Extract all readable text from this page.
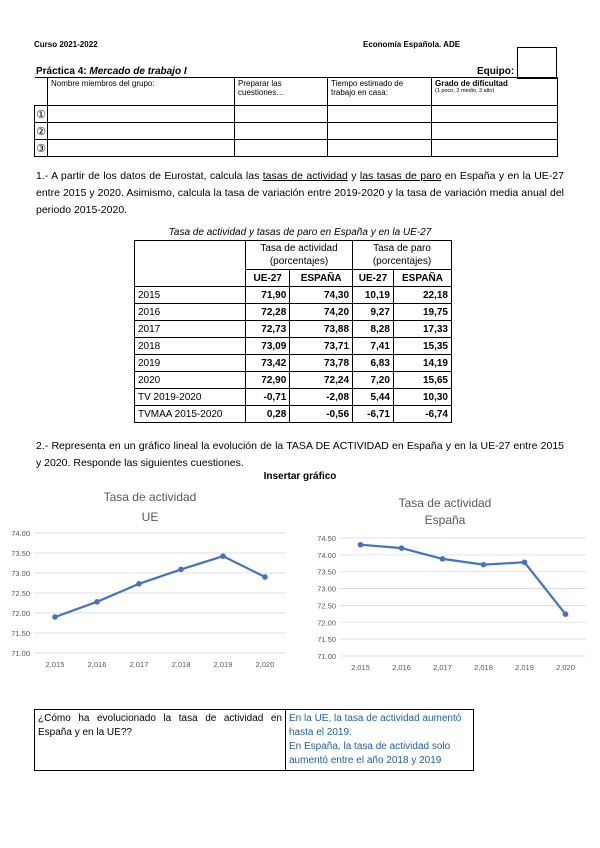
Curso 2021-2022	Economía Española. ADE
Práctica 4: Mercado de trabajo I	Equipo:
	Nombre miembros del grupo:	Preparar las cuestiones…	Tiempo estimado de trabajo en casa:	Grado de dificultad
(1 poco, 2 medio, 3 alto)

①				
②				
③				
1.- A partir de los datos de Eurostat, calcula las tasas de actividad y las tasas de paro en España y en la UE-27 entre 2015 y 2020. Asimismo, calcula la tasa de variación entre 2019-2020 y la tasa de variación media anual del periodo 2015-2020.
Tasa de actividad y tasas de paro en España y en la UE-27
	Tasa de actividad (porcentajes)		Tasa de paro (porcentajes)	
	UE-27	ESPAÑA	UE-27	ESPAÑA
2015	71,90	74,30	10,19	22,18
2016	72,28	74,20	9,27	19,75
2017	72,73	73,88	8,28	17,33
2018	73,09	73,71	7,41	15,35
2019	73,42	73,78	6,83	14,19
2020	72,90	72,24	7,20	15,65
TV 2019-2020	-0,71	-2,08	5,44	10,30
TVMAA 2015-2020	0,28	-0,56	-6,71	-6,74
2.- Representa en un gráfico lineal la evolución de la TASA DE ACTIVIDAD en España y en la UE-27 entre 2015 y 2020. Responde las siguientes cuestiones.
Insertar gráfico
Tasa de actividad
UE
71.00
71.50
72.00
72.50
73.00
73.50
74.00
2,015	2,016	2,017	2,018	2,019	2,020
Tasa de actividad
España
71.00
71.50
72.00
72.50
73.00
73.50
74.00
74.50
2,015	2,016	2,017	2,018	2,019	2,020
¿Cómo ha evolucionado la tasa de actividad en España y en la UE??	
En la UE, la tasa de actividad aumentó hasta el 2019.
En España, la tasa de actividad solo aumentó entre el año 2018 y 2019
